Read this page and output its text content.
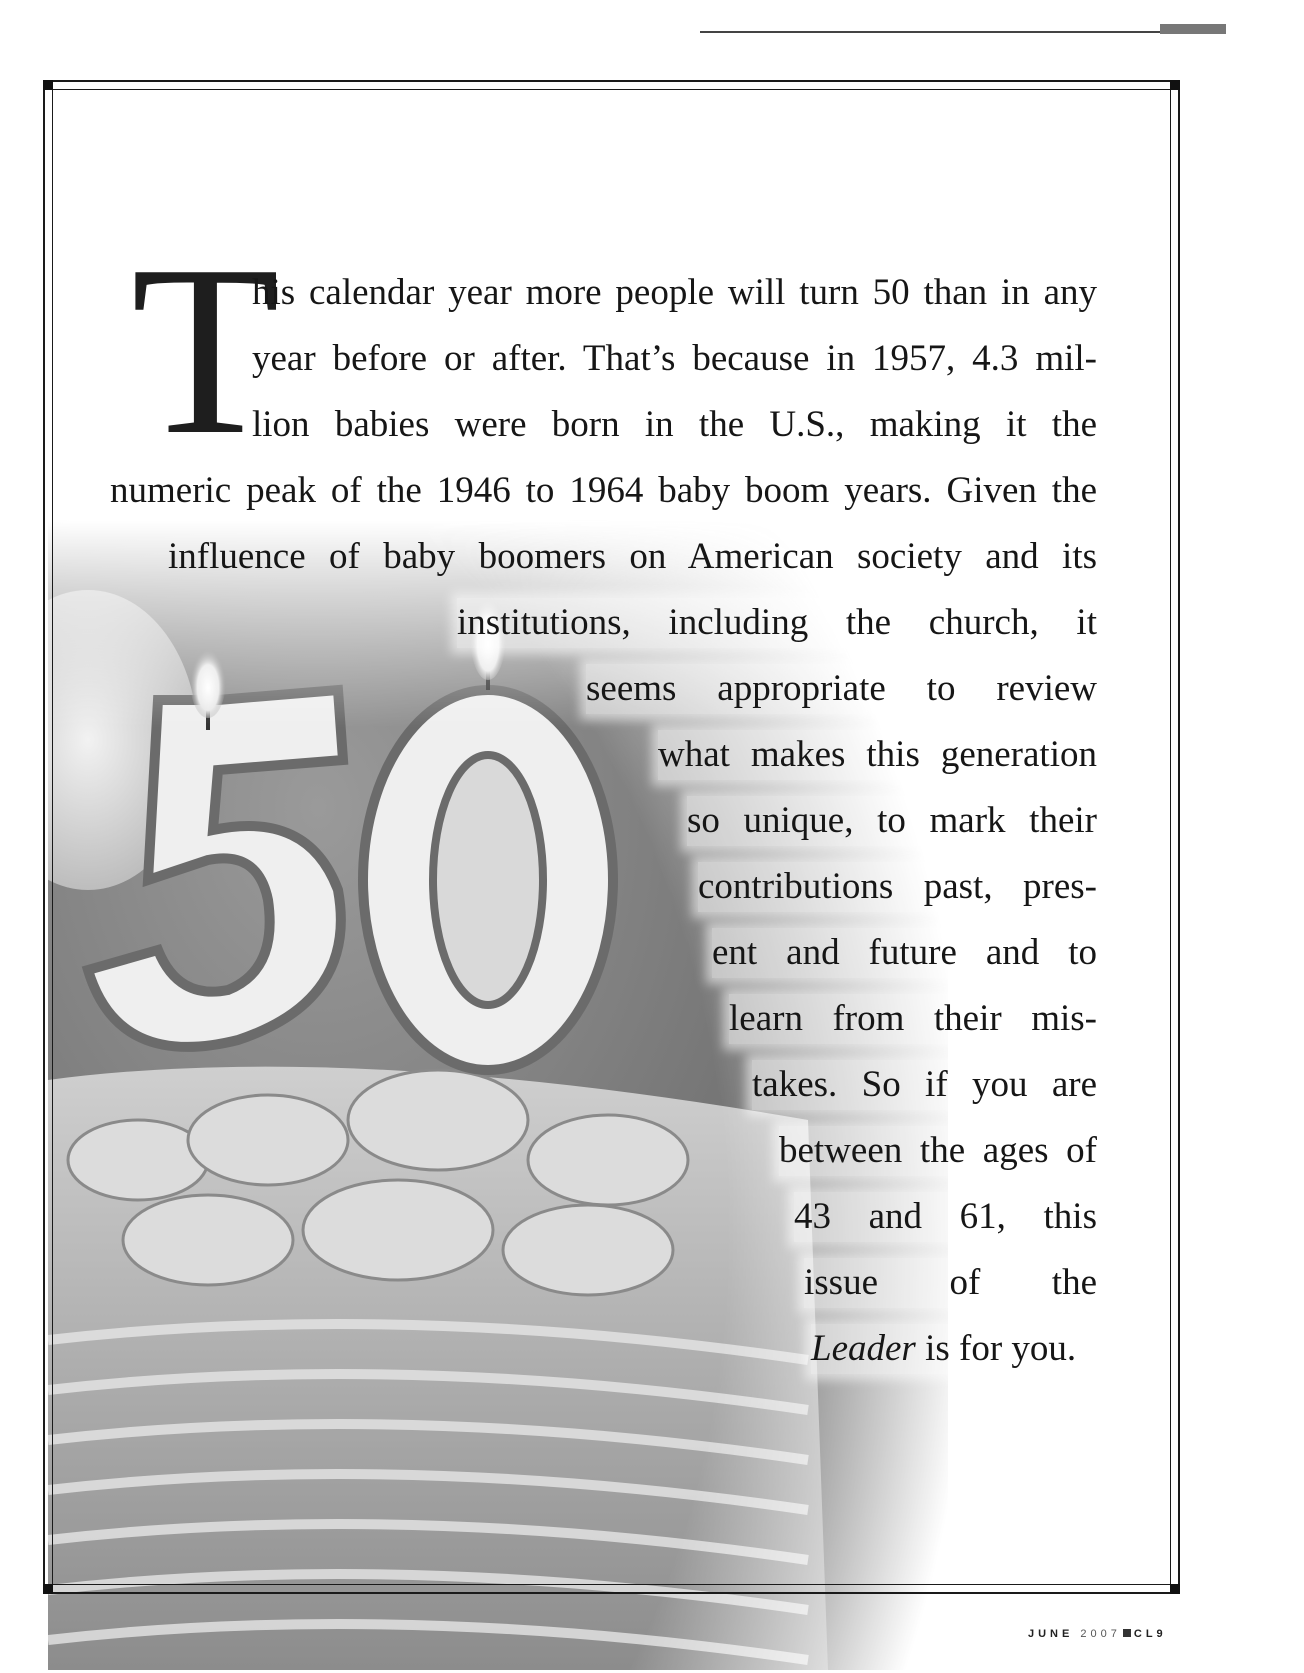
T
his calendar year more people will turn 50 than in any
year before or after. That’s because in 1957, 4.3 mil-
lion babies were born in the U.S., making it the
numeric peak of the 1946 to 1964 baby boom years. Given the
influence of baby boomers on American society and its
institutions, including the church, it
seems appropriate to review
what makes this generation
so unique, to mark their
contributions past, pres-
ent and future and to
learn from their mis-
takes. So if you are
between the ages of
43 and 61, this
issue of the
Leader is for you.
JUNE 2007 CL9
